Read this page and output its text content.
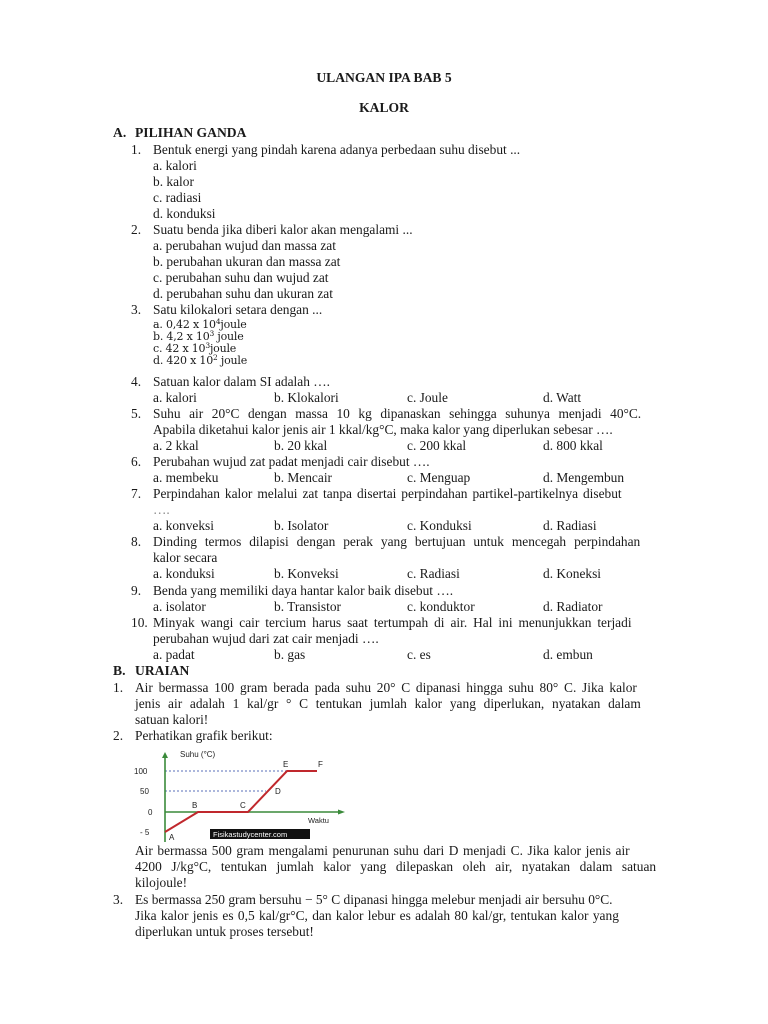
ULANGAN IPA BAB 5
KALOR
A. PILIHAN GANDA
1. Bentuk energi yang pindah karena adanya perbedaan suhu disebut ...
a. kalori
b. kalor
c. radiasi
d. konduksi
2. Suatu benda jika diberi kalor akan mengalami ...
a. perubahan wujud dan massa zat
b. perubahan ukuran dan massa zat
c. perubahan suhu dan wujud zat
d. perubahan suhu dan ukuran zat
3. Satu kilokalori setara dengan ...
a. 0,42 x $10^4joule$
b. 4,2 x $10^3$ joule
c. 42 x $10^3joule$
d. 420 x $10^2$ joule
4. Satuan kalor dalam SI adalah ….
a. kalori	b. Klokalori	c. Joule	d. Watt
5. Suhu air 20°C dengan massa 10 kg dipanaskan sehingga suhunya menjadi 40°C.
Apabila diketahui kalor jenis air 1 kkal/kg°C, maka kalor yang diperlukan sebesar ….
a. 2 kkal	b. 20 kkal	c. 200 kkal	d. 800 kkal
6. Perubahan wujud zat padat menjadi cair disebut ….
a. membeku	b. Mencair	c. Menguap	d. Mengembun
7. Perpindahan kalor melalui zat tanpa disertai perpindahan partikel-partikelnya disebut
….
a. konveksi	b. Isolator	c. Konduksi	d. Radiasi
8. Dinding termos dilapisi dengan perak yang bertujuan untuk mencegah perpindahan
kalor secara
a. konduksi	b. Konveksi	c. Radiasi	d. Koneksi
9. Benda yang memiliki daya hantar kalor baik disebut ….
a. isolator	b. Transistor	c. konduktor	d. Radiator
10. Minyak wangi cair tercium harus saat tertumpah di air. Hal ini menunjukkan terjadi
perubahan wujud dari zat cair menjadi ….
a. padat	b. gas	c. es	d. embun
B. URAIAN
1. Air bermassa 100 gram berada pada suhu 20° C dipanasi hingga suhu 80° C. Jika kalor
jenis air adalah 1 kal/gr ° C tentukan jumlah kalor yang diperlukan, nyatakan dalam
satuan kalori!
2. Perhatikan grafik berikut:
Suhu (°C)
100
50
0
- 5
A
B	C
D
E	F
Waktu
Fisikastudycenter.com
Air bermassa 500 gram mengalami penurunan suhu dari D menjadi C. Jika kalor jenis air
4200 J/kg°C, tentukan jumlah kalor yang dilepaskan oleh air, nyatakan dalam satuan
kilojoule!
3. Es bermassa 250 gram bersuhu − 5° C dipanasi hingga melebur menjadi air bersuhu 0°C.
Jika kalor jenis es 0,5 kal/gr°C, dan kalor lebur es adalah 80 kal/gr, tentukan kalor yang
diperlukan untuk proses tersebut!
